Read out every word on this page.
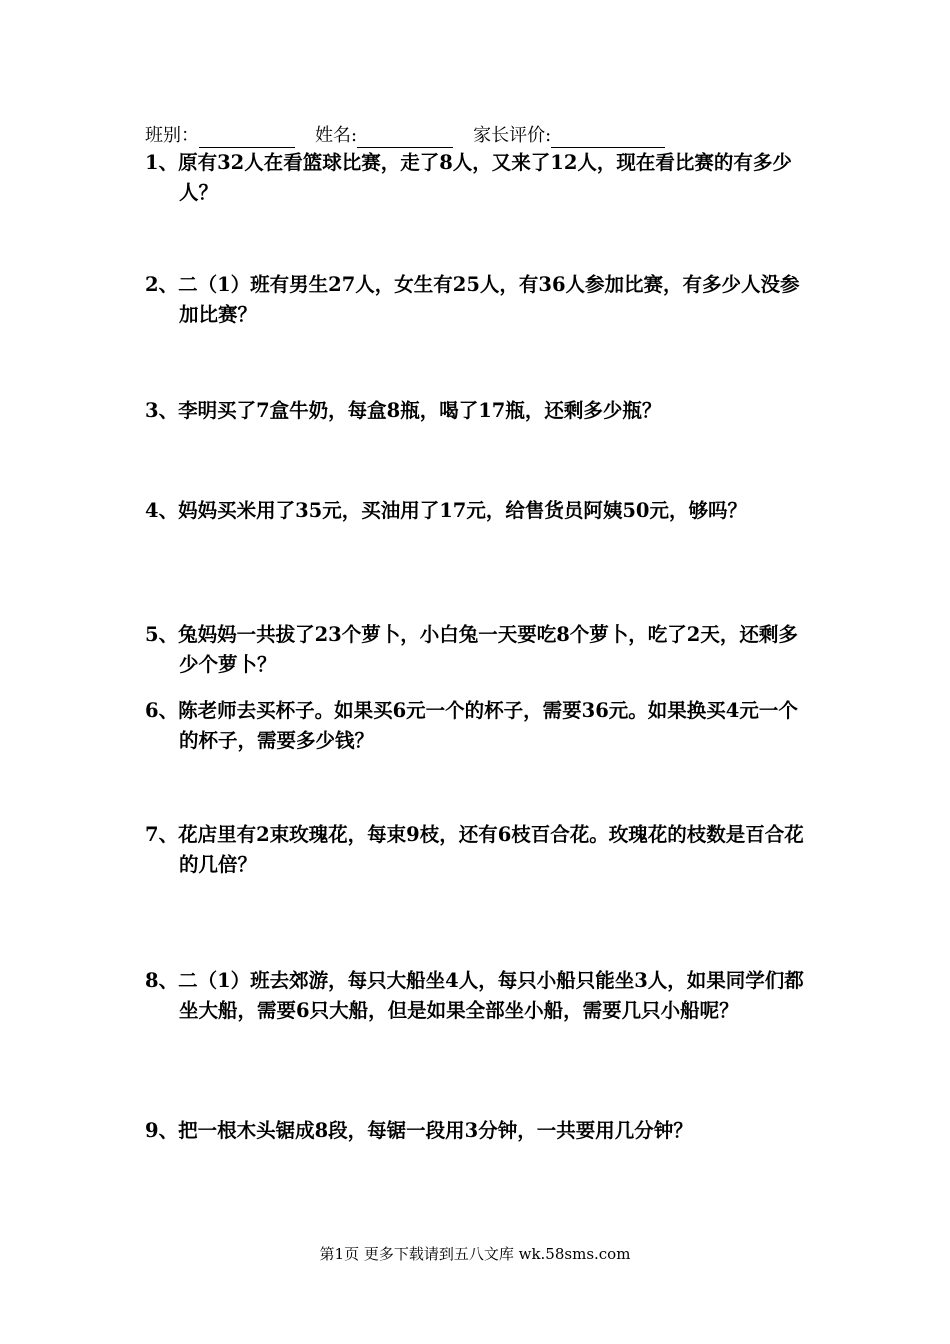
班别：	姓名:	家长评价:

1、原有32人在看篮球比赛，走了8人，又来了12人，现在看比赛的有多少人？

2、二（1）班有男生27人，女生有25人，有36人参加比赛，有多少人没参加比赛？

3、李明买了7盒牛奶，每盒8瓶，喝了17瓶，还剩多少瓶？

4、妈妈买米用了35元，买油用了17元，给售货员阿姨50元，够吗？

5、兔妈妈一共拔了23个萝卜，小白兔一天要吃8个萝卜，吃了2天，还剩多少个萝卜？

6、陈老师去买杯子。如果买6元一个的杯子，需要36元。如果换买4元一个的杯子，需要多少钱？

7、花店里有2束玫瑰花，每束9枝，还有6枝百合花。玫瑰花的枝数是百合花的几倍？

8、二（1）班去郊游，每只大船坐4人，每只小船只能坐3人，如果同学们都坐大船，需要6只大船，但是如果全部坐小船，需要几只小船呢？

9、把一根木头锯成8段，每锯一段用3分钟，一共要用几分钟？

第1页 更多下载请到五八文库 wk.58sms.com
